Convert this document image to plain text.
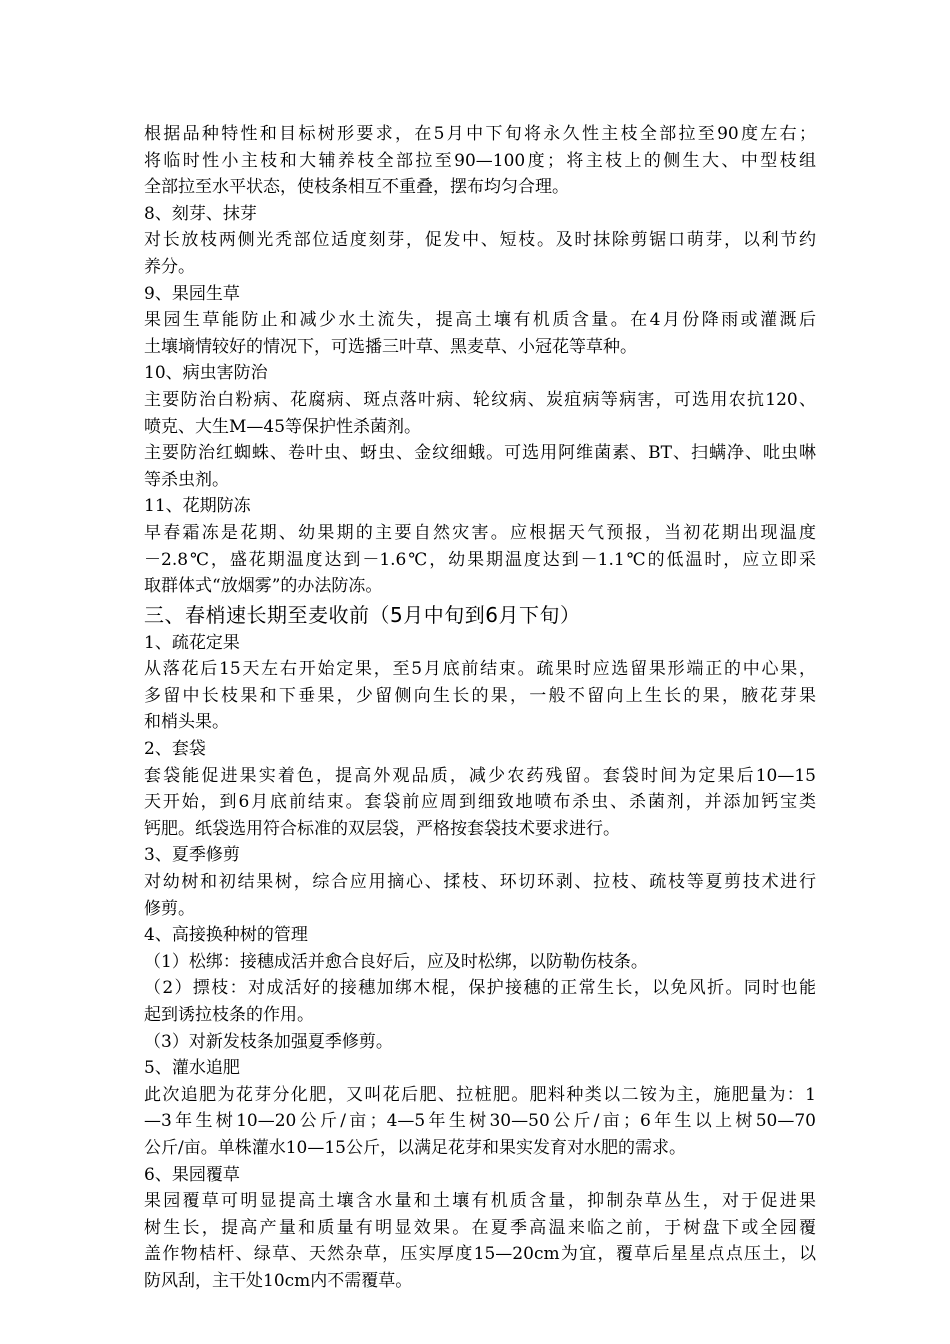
根据品种特性和目标树形要求，在5月中下旬将永久性主枝全部拉至90度左右；
将临时性小主枝和大辅养枝全部拉至90—100度；将主枝上的侧生大、中型枝组
全部拉至水平状态，使枝条相互不重叠，摆布均匀合理。
8、刻芽、抹芽
对长放枝两侧光秃部位适度刻芽，促发中、短枝。及时抹除剪锯口萌芽，以利节约
养分。
9、果园生草
果园生草能防止和减少水土流失，提高土壤有机质含量。在4月份降雨或灌溉后
土壤墒情较好的情况下，可选播三叶草、黑麦草、小冠花等草种。
10、病虫害防治
主要防治白粉病、花腐病、斑点落叶病、轮纹病、炭疽病等病害，可选用农抗120、
喷克、大生M—45等保护性杀菌剂。
主要防治红蜘蛛、卷叶虫、蚜虫、金纹细蛾。可选用阿维菌素、BT、扫螨净、吡虫啉
等杀虫剂。
11、花期防冻
早春霜冻是花期、幼果期的主要自然灾害。应根据天气预报，当初花期出现温度
－2.8℃，盛花期温度达到－1.6℃，幼果期温度达到－1.1℃的低温时，应立即采
取群体式“放烟雾”的办法防冻。
三、春梢速长期至麦收前（5月中旬到6月下旬）
1、疏花定果
从落花后15天左右开始定果，至5月底前结束。疏果时应选留果形端正的中心果，
多留中长枝果和下垂果，少留侧向生长的果，一般不留向上生长的果，腋花芽果
和梢头果。
2、套袋
套袋能促进果实着色，提高外观品质，减少农药残留。套袋时间为定果后10—15
天开始，到6月底前结束。套袋前应周到细致地喷布杀虫、杀菌剂，并添加钙宝类
钙肥。纸袋选用符合标准的双层袋，严格按套袋技术要求进行。
3、夏季修剪
对幼树和初结果树，综合应用摘心、揉枝、环切环剥、拉枝、疏枝等夏剪技术进行
修剪。
4、高接换种树的管理
（1）松绑：接穗成活并愈合良好后，应及时松绑，以防勒伤枝条。
（2）摽枝：对成活好的接穗加绑木棍，保护接穗的正常生长，以免风折。同时也能
起到诱拉枝条的作用。
（3）对新发枝条加强夏季修剪。
5、灌水追肥
此次追肥为花芽分化肥，又叫花后肥、拉桩肥。肥料种类以二铵为主，施肥量为：1
—3年生树10—20公斤/亩；4—5年生树30—50公斤/亩；6年生以上树50—70
公斤/亩。单株灌水10—15公斤，以满足花芽和果实发育对水肥的需求。
6、果园覆草
果园覆草可明显提高土壤含水量和土壤有机质含量，抑制杂草丛生，对于促进果
树生长，提高产量和质量有明显效果。在夏季高温来临之前，于树盘下或全园覆
盖作物桔杆、绿草、天然杂草，压实厚度15—20cm为宜，覆草后星星点点压土，以
防风刮，主干处10cm内不需覆草。
